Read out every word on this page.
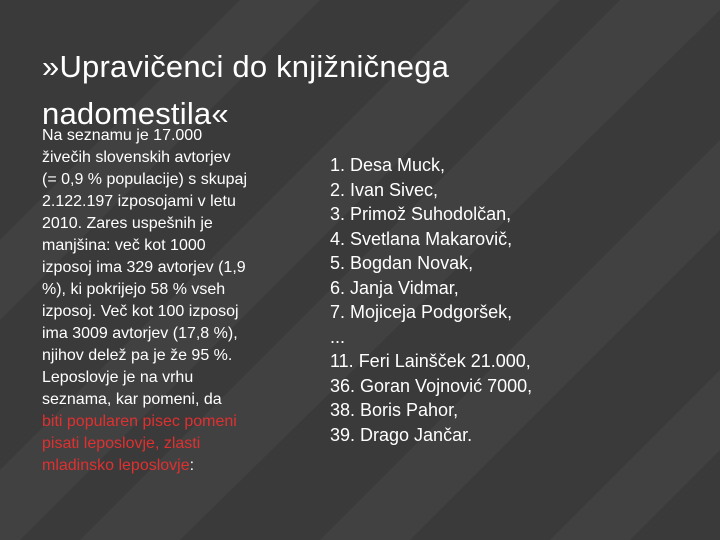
»Upravičenci do knjižničnega
nadomestila«
Na seznamu je 17.000
živečih slovenskih avtorjev
(= 0,9 % populacije) s skupaj
2.122.197 izposojami v letu
2010. Zares uspešnih je
manjšina: več kot 1000
izposoj ima 329 avtorjev (1,9
%), ki pokrijejo 58 % vseh
izposoj. Več kot 100 izposoj
ima 3009 avtorjev (17,8 %),
njihov delež pa je že 95 %.
Leposlovje je na vrhu
seznama, kar pomeni, da
biti popularen pisec pomeni
pisati leposlovje, zlasti
mladinsko leposlovje:
1. Desa Muck,
2. Ivan Sivec,
3. Primož Suhodolčan,
4. Svetlana Makarovič,
5. Bogdan Novak,
6. Janja Vidmar,
7. Mojiceja Podgoršek,
...
11. Feri Lainšček 21.000,
36. Goran Vojnović 7000,
38. Boris Pahor,
39. Drago Jančar.
